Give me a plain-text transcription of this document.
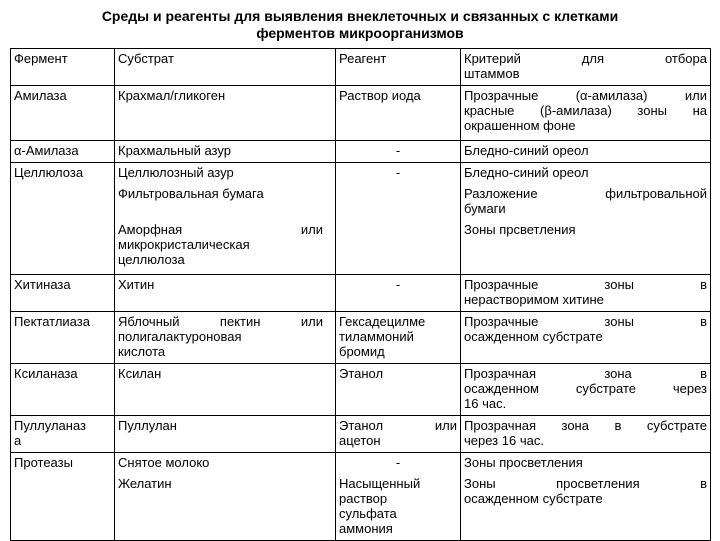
Среды и реагенты для выявления внеклеточных и связанных с клетками
ферментов микроорганизмов
Фермент	Субстрат	Реагент	Критерий для отбора
штаммов
Амилаза	Крахмал/гликоген	Раствор иода	Прозрачные (α-амилаза) или
красные (β-амилаза) зоны на
окрашенном фоне
α-Амилаза	Крахмальный азур	-	Бледно-синий ореол
Целлюлоза	Целлюлозный азур	-	Бледно-синий ореол
	Фильтровальная бумага		Разложение фильтровальной
бумаги

	Аморфная или
микрокристалическая
целлюлоза		Зоны прсветления
Хитиназа	Хитин	-	Прозрачные зоны в
нерастворимом хитине
Пектатлиаза	Яблочный пектин или
полигалактуроновая
кислота	Гексадецилме
тиламмоний
бромид	Прозрачные зоны в
осажденном субстрате
Ксиланаза	Ксилан	Этанол	Прозрачная зона в
осажденном субстрате через
16 час.
Пуллуланаз
а	Пуллулан	Этанол или
ацетон	Прозрачная зона в субстрате
через 16 час.
Протеазы	Снятое молоко	-	Зоны просветления
	Желатин	Насыщенный
раствор
сульфата
аммония	Зоны просветления в
осажденном субстрате
